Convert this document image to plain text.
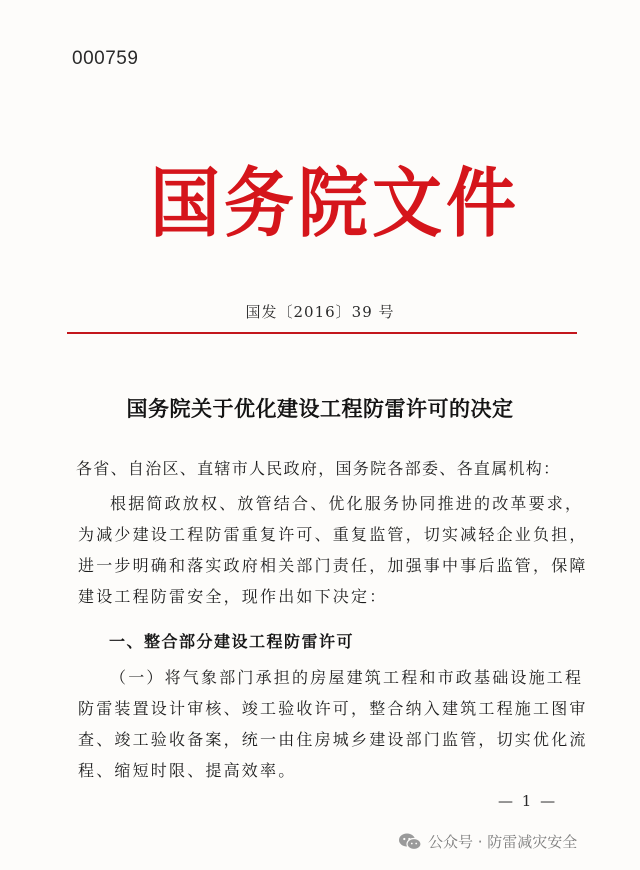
000759
国务院文件
国发〔2016〕39 号
国务院关于优化建设工程防雷许可的决定
各省、自治区、直辖市人民政府，国务院各部委、各直属机构：
根据简政放权、放管结合、优化服务协同推进的改革要求，为减少建设工程防雷重复许可、重复监管，切实减轻企业负担，进一步明确和落实政府相关部门责任，加强事中事后监管，保障建设工程防雷安全，现作出如下决定：
一、整合部分建设工程防雷许可
（一）将气象部门承担的房屋建筑工程和市政基础设施工程防雷装置设计审核、竣工验收许可，整合纳入建筑工程施工图审查、竣工验收备案，统一由住房城乡建设部门监管，切实优化流程、缩短时限、提高效率。
— 1 —
公众号 · 防雷减灾安全
